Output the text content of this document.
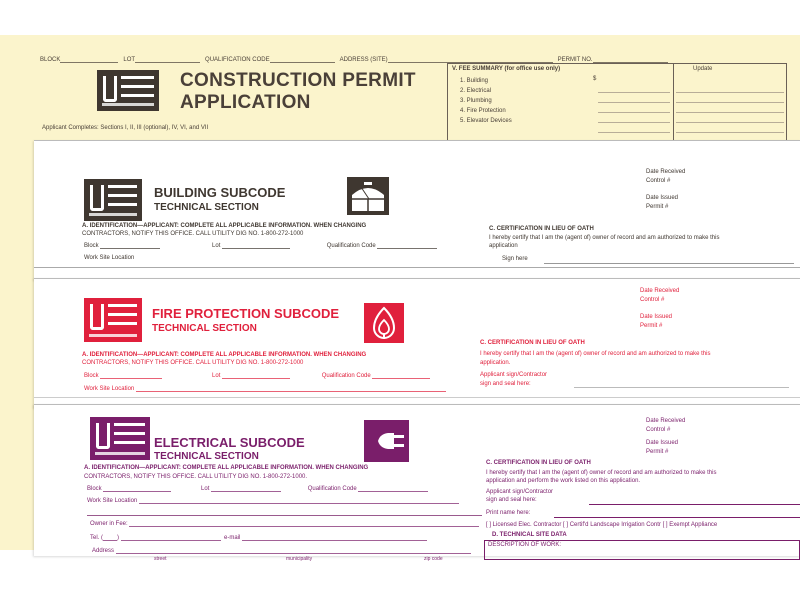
BLOCK	LOT	QUALIFICATION CODE	ADDRESS (SITE)	PERMIT NO.
CONSTRUCTION PERMIT
APPLICATION
Applicant Completes: Sections I, II, III (optional), IV, VI, and VII
V. FEE SUMMARY (for office use only)	Update
$
1. Building
2. Electrical
3. Plumbing
4. Fire Protection
5. Elevator Devices
BUILDING SUBCODE
TECHNICAL SECTION
A. IDENTIFICATION—APPLICANT: COMPLETE ALL APPLICABLE INFORMATION. WHEN CHANGING
CONTRACTORS, NOTIFY THIS OFFICE. CALL UTILITY DIG NO. 1-800-272-1000
Block	Lot	Qualification Code
Work Site Location
Date Received
Control #
Date Issued
Permit #
C. CERTIFICATION IN LIEU OF OATH
I hereby certify that I am the (agent of) owner of record and am authorized to make this
application
Sign here
FIRE PROTECTION SUBCODE
TECHNICAL SECTION
A. IDENTIFICATION—APPLICANT: COMPLETE ALL APPLICABLE INFORMATION. WHEN CHANGING
CONTRACTORS, NOTIFY THIS OFFICE. CALL UTILITY DIG NO. 1-800-272-1000
Block	Lot	Qualification Code
Work Site Location
Date Received
Control #
Date Issued
Permit #
C. CERTIFICATION IN LIEU OF OATH
I hereby certify that I am the (agent of) owner of record and am authorized to make this
application.
Applicant sign/Contractor
sign and seal here:
ELECTRICAL SUBCODE
TECHNICAL SECTION
A. IDENTIFICATION—APPLICANT: COMPLETE ALL APPLICABLE INFORMATION. WHEN CHANGING
CONTRACTORS, NOTIFY THIS OFFICE. CALL UTILITY DIG NO. 1-800-272-1000.
Block	Lot	Qualification Code
Work Site Location
Owner in Fee:
Tel. ( )	e-mail
Address
street	municipality	zip code
Date Received
Control #
Date Issued
Permit #
C. CERTIFICATION IN LIEU OF OATH
I hereby certify that I am the (agent of) owner of record and am authorized to make this
application and perform the work listed on this application.
Applicant sign/Contractor
sign and seal here:
Print name here:
[ ] Licensed Elec. Contractor [ ] Certif'd Landscape Irrigation Contr [ ] Exempt Appliance
D. TECHNICAL SITE DATA
DESCRIPTION OF WORK:
